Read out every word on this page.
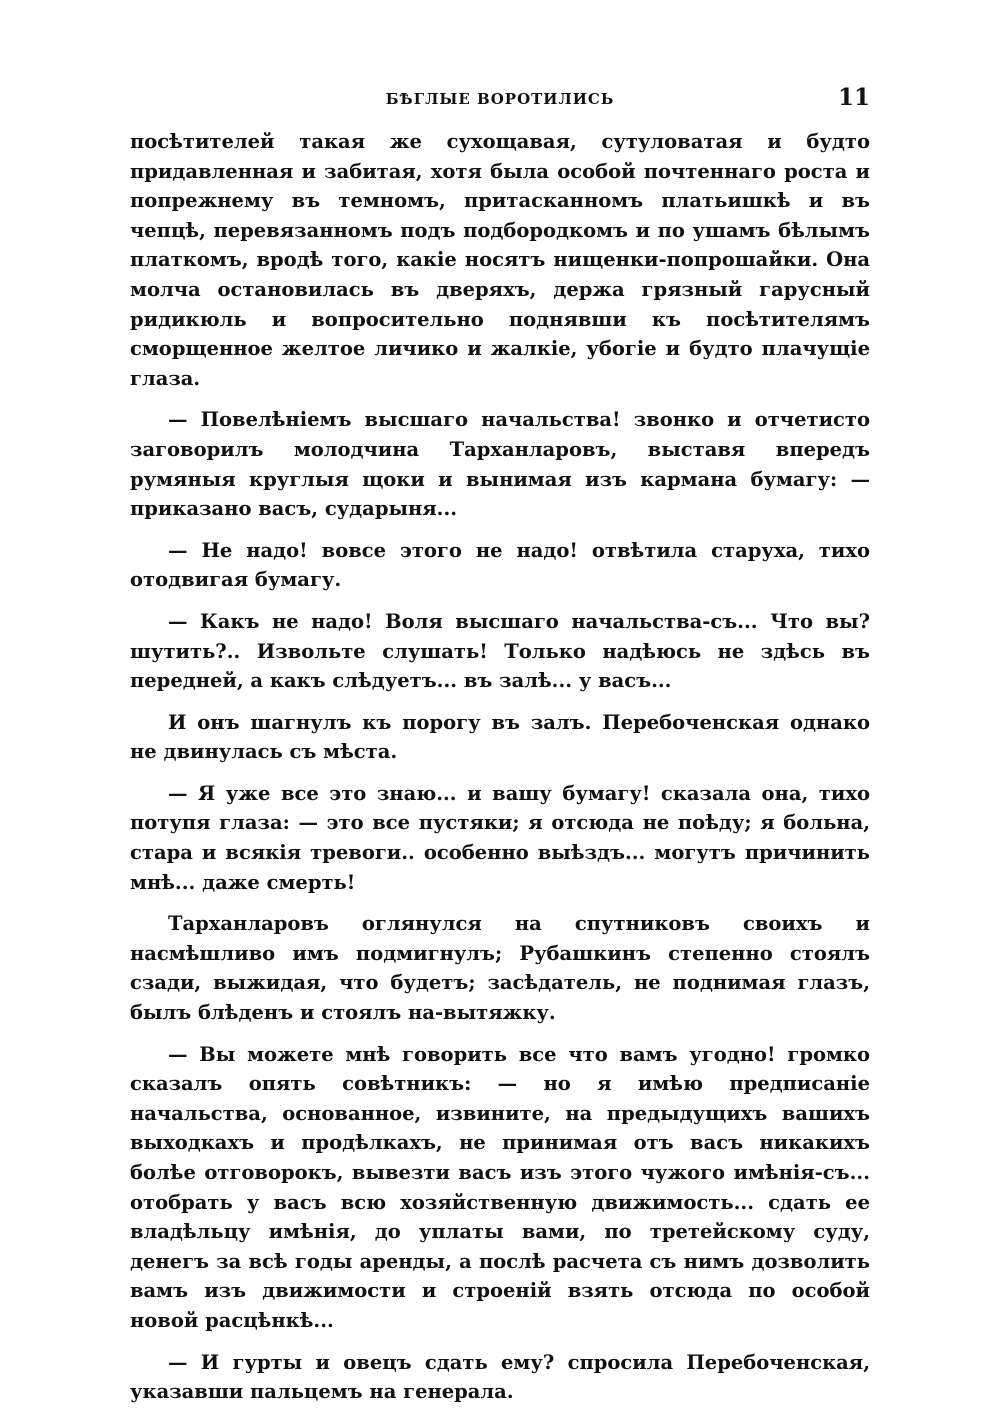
БѢГЛЫЕ ВОРОТИЛИСЬ	11

посѣтителей такая же сухощавая, сутуловатая и будто придавленная и забитая, хотя была особой почтеннаго роста и попрежнему въ темномъ, притасканномъ платьишкѣ и въ чепцѣ, перевязанномъ подъ подбородкомъ и по ушамъ бѣлымъ платкомъ, вродѣ того, какіе носятъ нищенки-попрошайки. Она молча остановилась въ дверяхъ, держа грязный гарусный ридикюль и вопросительно поднявши къ посѣтителямъ сморщенное желтое личико и жалкіе, убогіе и будто плачущіе глаза.

— Повелѣніемъ высшаго начальства! звонко и отчетисто заговорилъ молодчина Тарханларовъ, выставя впередъ румяныя круглыя щоки и вынимая изъ кармана бумагу: — приказано васъ, сударыня...

— Не надо! вовсе этого не надо! отвѣтила старуха, тихо отодвигая бумагу.

— Какъ не надо! Воля высшаго начальства-съ... Что вы? шутить?.. Извольте слушать! Только надѣюсь не здѣсь въ передней, а какъ слѣдуетъ... въ залѣ... у васъ...

И онъ шагнулъ къ порогу въ залъ. Перебоченская однако не двинулась съ мѣста.

— Я уже все это знаю... и вашу бумагу! сказала она, тихо потупя глаза: — это все пустяки; я отсюда не поѣду; я больна, стара и всякія тревоги.. особенно выѣздъ... могутъ причинить мнѣ... даже смерть!

Тарханларовъ оглянулся на спутниковъ своихъ и насмѣшливо имъ подмигнулъ; Рубашкинъ степенно стоялъ сзади, выжидая, что будетъ; засѣдатель, не поднимая глазъ, былъ блѣденъ и стоялъ на-вытяжку.

— Вы можете мнѣ говорить все что вамъ угодно! громко сказалъ опять совѣтникъ: — но я имѣю предписаніе начальства, основанное, извините, на предыдущихъ вашихъ выходкахъ и продѣлкахъ, не принимая отъ васъ никакихъ болѣе отговорокъ, вывезти васъ изъ этого чужого имѣнія-съ... отобрать у васъ всю хозяйственную движимость... сдать ее владѣльцу имѣнія, до уплаты вами, по третейскому суду, денегъ за всѣ годы аренды, а послѣ расчета съ нимъ дозволить вамъ изъ движимости и строеній взять отсюда по особой новой расцѣнкѣ...

— И гурты и овецъ сдать ему? спросила Перебоченская, указавши пальцемъ на генерала.
